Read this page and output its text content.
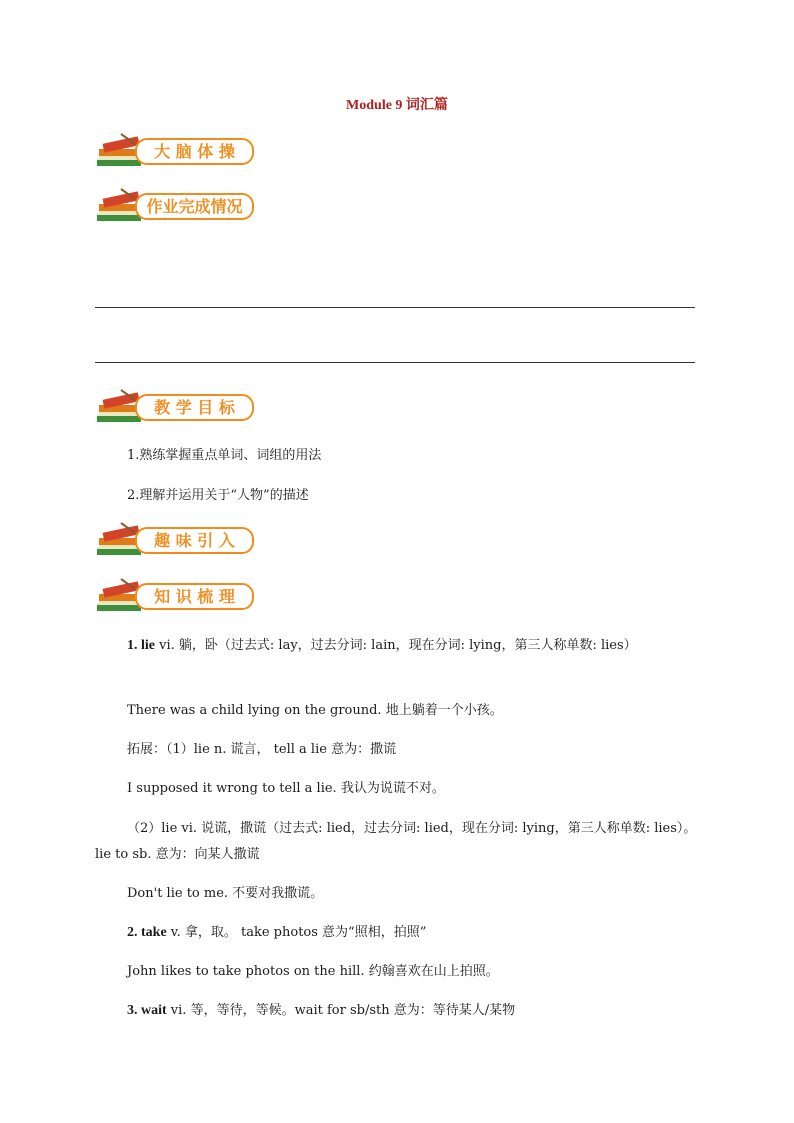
Module 9 词汇篇
大 脑 体 操
作业完成情况
教 学 目 标
1.熟练掌握重点单词、词组的用法
2.理解并运用关于“人物”的描述
趣 味 引 入
知 识 梳 理
1. lie vi. 躺，卧（过去式: lay，过去分词: lain，现在分词: lying，第三人称单数: lies）
There was a child lying on the ground. 地上躺着一个小孩。
拓展：（1）lie n. 谎言， tell a lie 意为：撒谎
I supposed it wrong to tell a lie. 我认为说谎不对。
（2）lie vi. 说谎，撒谎（过去式: lied，过去分词: lied，现在分词: lying，第三人称单数: lies）。lie to sb. 意为：向某人撒谎
Don't lie to me. 不要对我撒谎。
2. take v. 拿，取。 take photos 意为“照相，拍照”
John likes to take photos on the hill. 约翰喜欢在山上拍照。
3. wait vi. 等，等待，等候。wait for sb/sth 意为：等待某人/某物
